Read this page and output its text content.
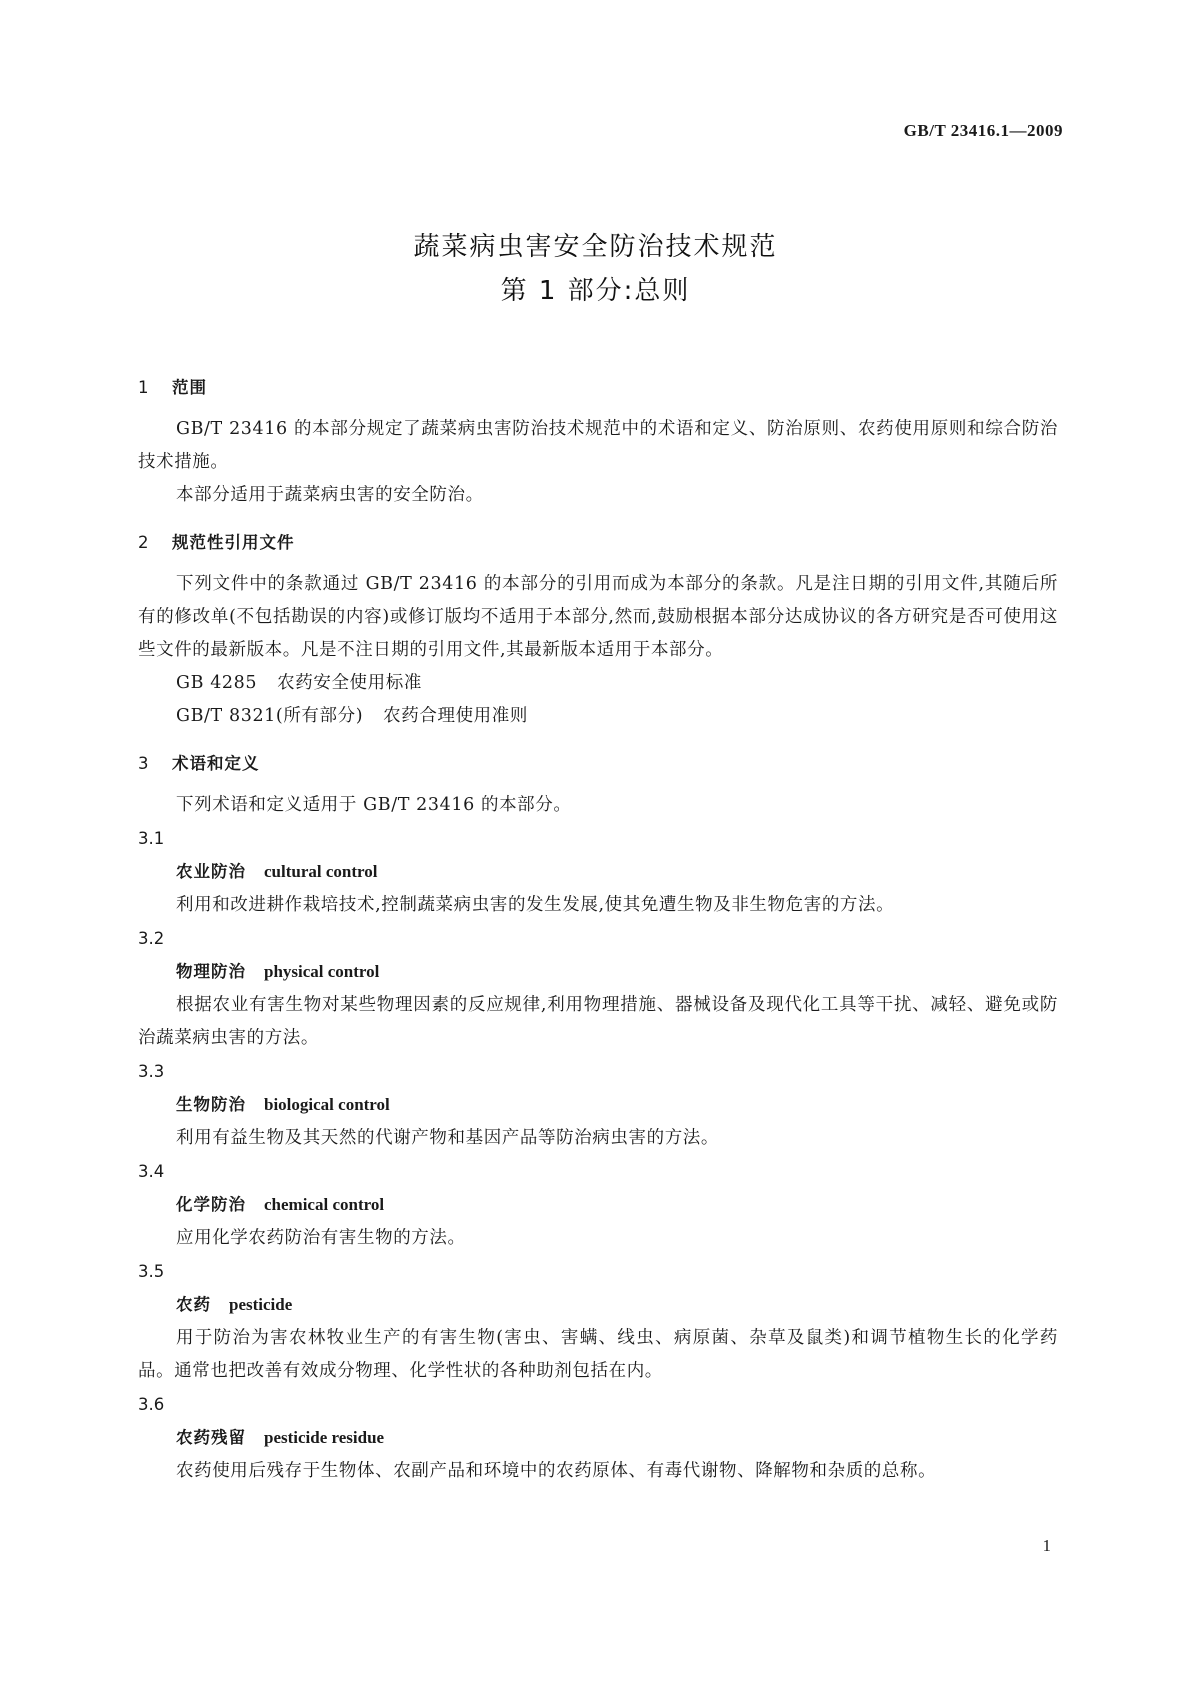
GB/T 23416.1—2009
蔬菜病虫害安全防治技术规范
第 1 部分:总则
1 范围

GB/T 23416 的本部分规定了蔬菜病虫害防治技术规范中的术语和定义、防治原则、农药使用原则和综合防治技术措施。

本部分适用于蔬菜病虫害的安全防治。

2 规范性引用文件

下列文件中的条款通过 GB/T 23416 的本部分的引用而成为本部分的条款。凡是注日期的引用文件,其随后所有的修改单(不包括勘误的内容)或修订版均不适用于本部分,然而,鼓励根据本部分达成协议的各方研究是否可使用这些文件的最新版本。凡是不注日期的引用文件,其最新版本适用于本部分。

GB 4285 农药安全使用标准

GB/T 8321(所有部分) 农药合理使用准则

3 术语和定义

下列术语和定义适用于 GB/T 23416 的本部分。

3.1

农业防治 cultural control

利用和改进耕作栽培技术,控制蔬菜病虫害的发生发展,使其免遭生物及非生物危害的方法。

3.2

物理防治 physical control

根据农业有害生物对某些物理因素的反应规律,利用物理措施、器械设备及现代化工具等干扰、减轻、避免或防治蔬菜病虫害的方法。

3.3

生物防治 biological control

利用有益生物及其天然的代谢产物和基因产品等防治病虫害的方法。

3.4

化学防治 chemical control

应用化学农药防治有害生物的方法。

3.5

农药 pesticide

用于防治为害农林牧业生产的有害生物(害虫、害螨、线虫、病原菌、杂草及鼠类)和调节植物生长的化学药品。通常也把改善有效成分物理、化学性状的各种助剂包括在内。

3.6

农药残留 pesticide residue

农药使用后残存于生物体、农副产品和环境中的农药原体、有毒代谢物、降解物和杂质的总称。

1
